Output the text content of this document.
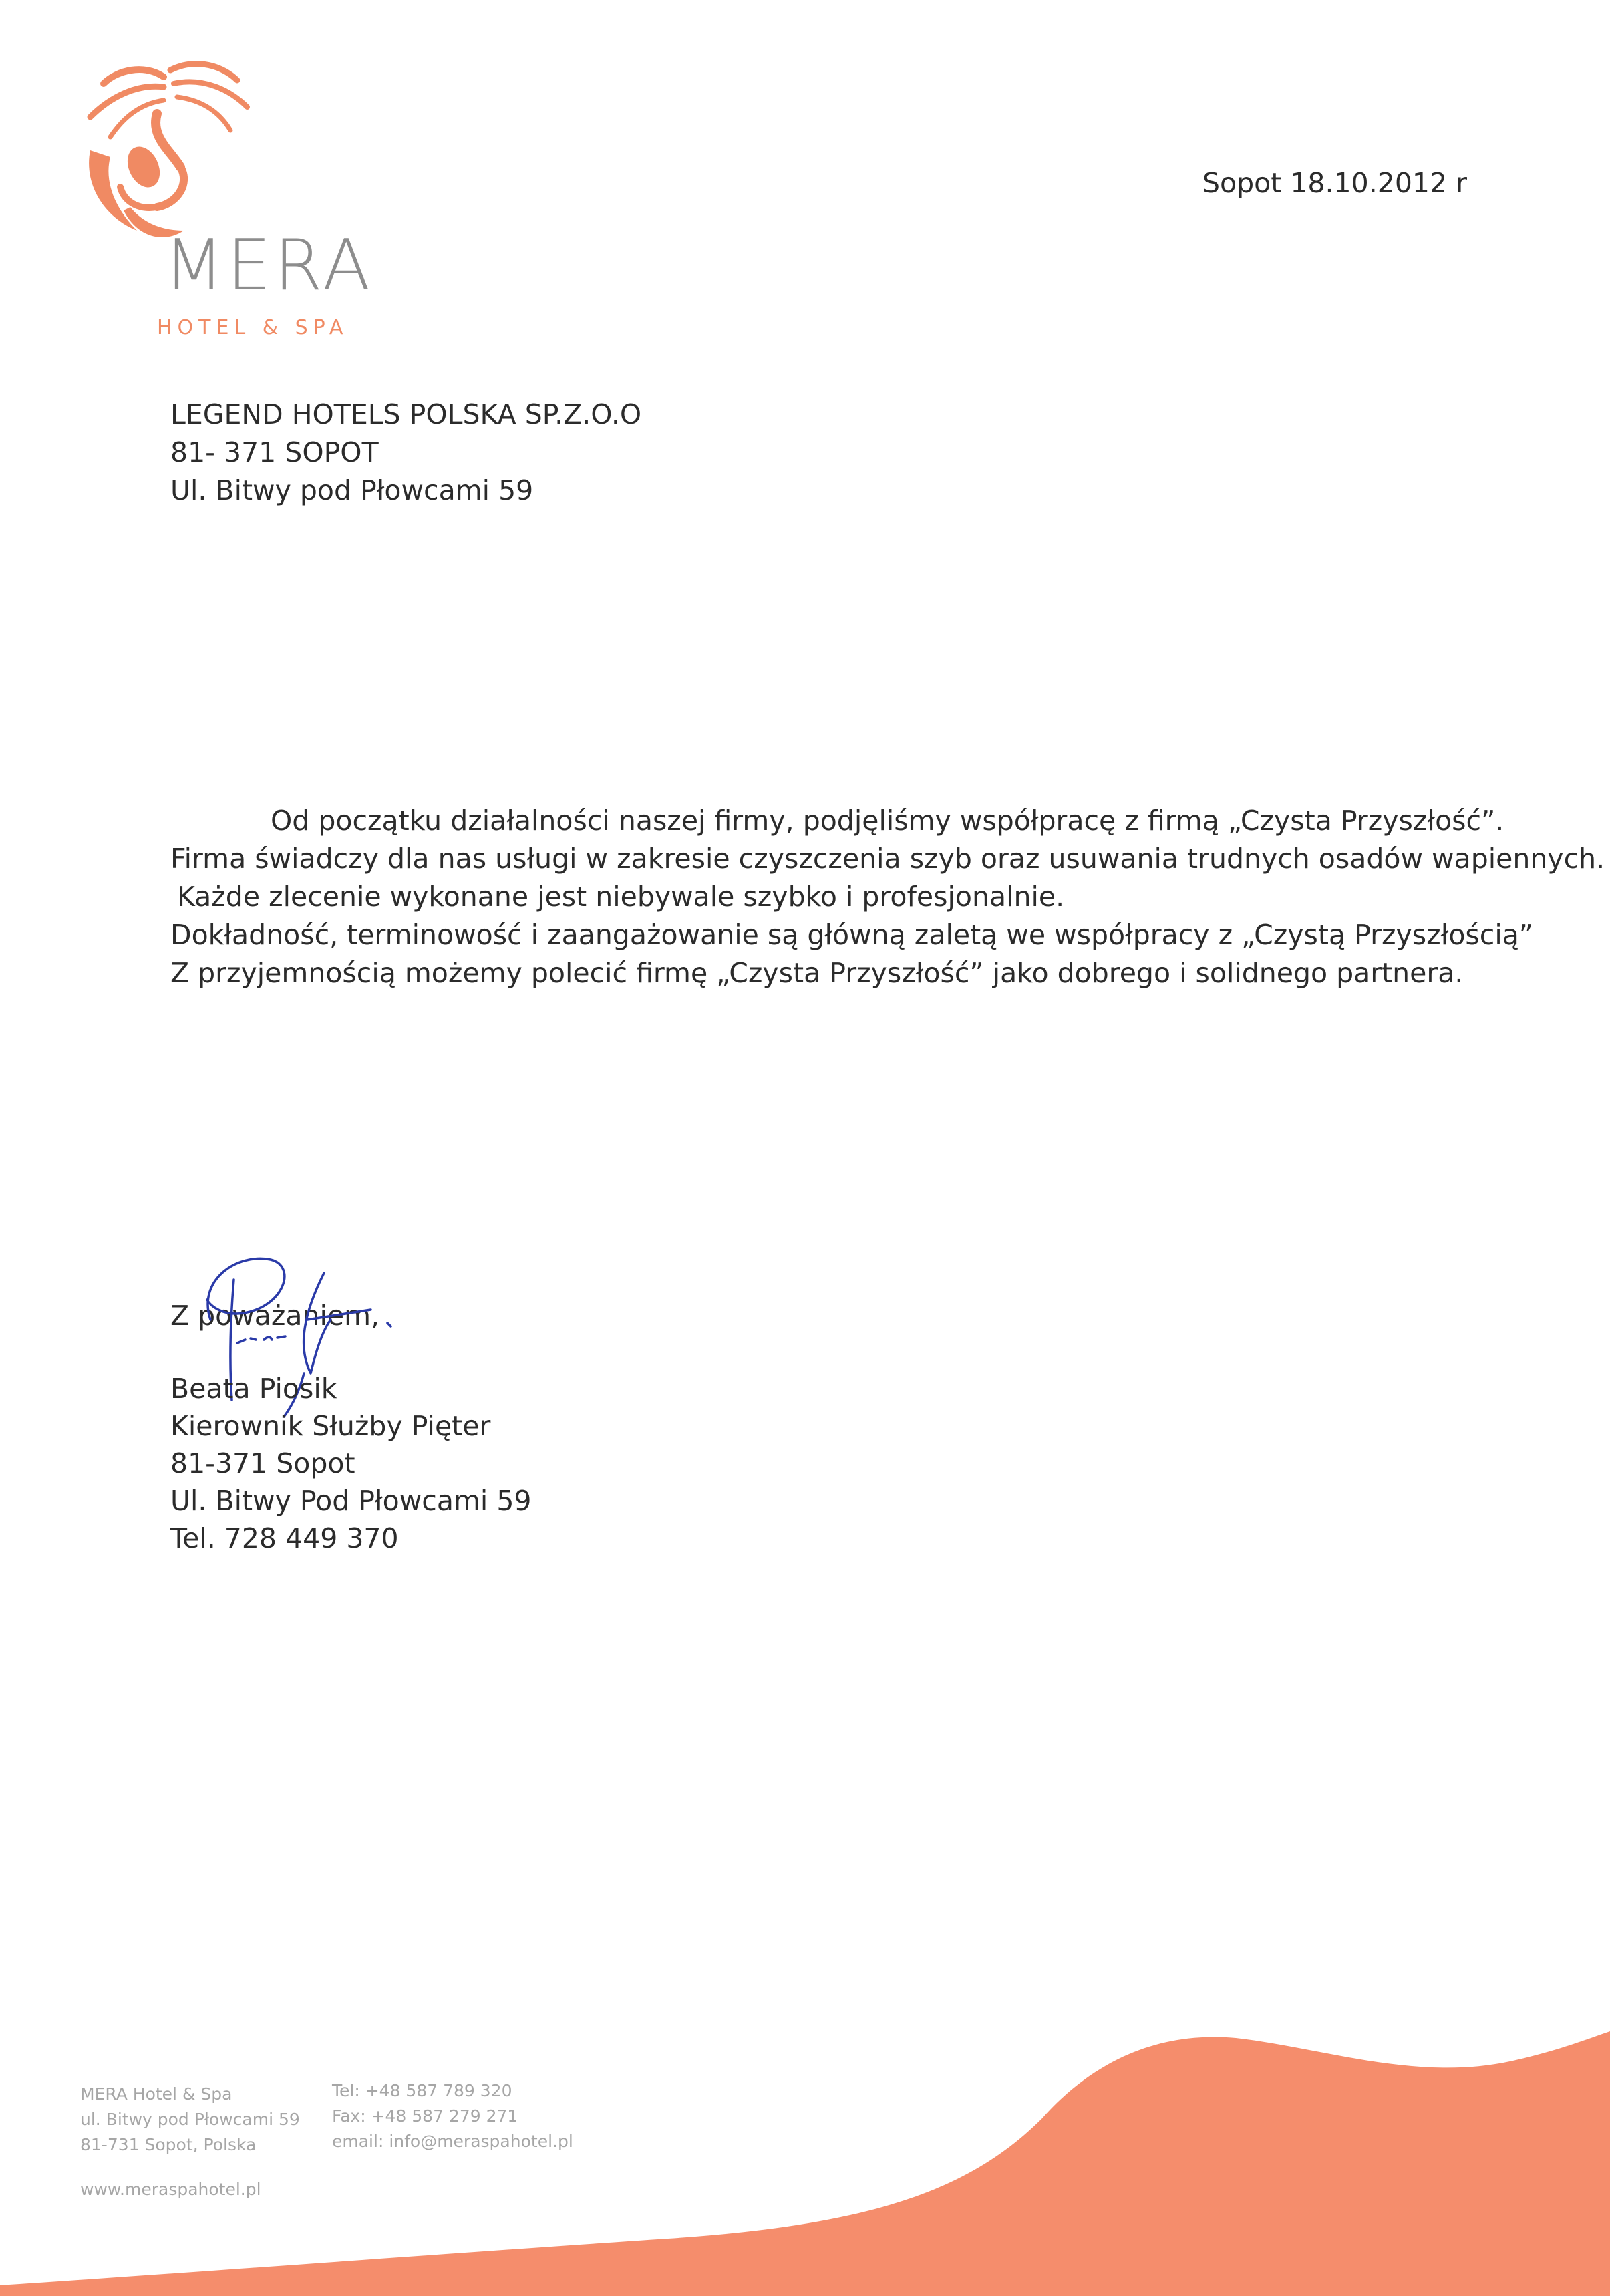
MERA
HOTEL & SPA
Sopot 18.10.2012 r
LEGEND HOTELS POLSKA SP.Z.O.O
81- 371 SOPOT
Ul. Bitwy pod Płowcami 59
Od początku działalności naszej firmy, podjęliśmy współpracę z firmą „Czysta Przyszłość”.
Firma świadczy dla nas usługi w zakresie czyszczenia szyb oraz usuwania trudnych osadów wapiennych.
Każde zlecenie wykonane jest niebywale szybko i profesjonalnie.
Dokładność, terminowość i zaangażowanie są główną zaletą we współpracy z „Czystą Przyszłością”
Z przyjemnością możemy polecić firmę „Czysta Przyszłość” jako dobrego i solidnego partnera.
Z poważaniem,
Beata Piosik
Kierownik Służby Pięter
81-371 Sopot
Ul. Bitwy Pod Płowcami 59
Tel. 728 449 370
MERA Hotel & Spa
ul. Bitwy pod Płowcami 59
81-731 Sopot, Polska
Tel: +48 587 789 320
Fax: +48 587 279 271
email: info@meraspahotel.pl
www.meraspahotel.pl
